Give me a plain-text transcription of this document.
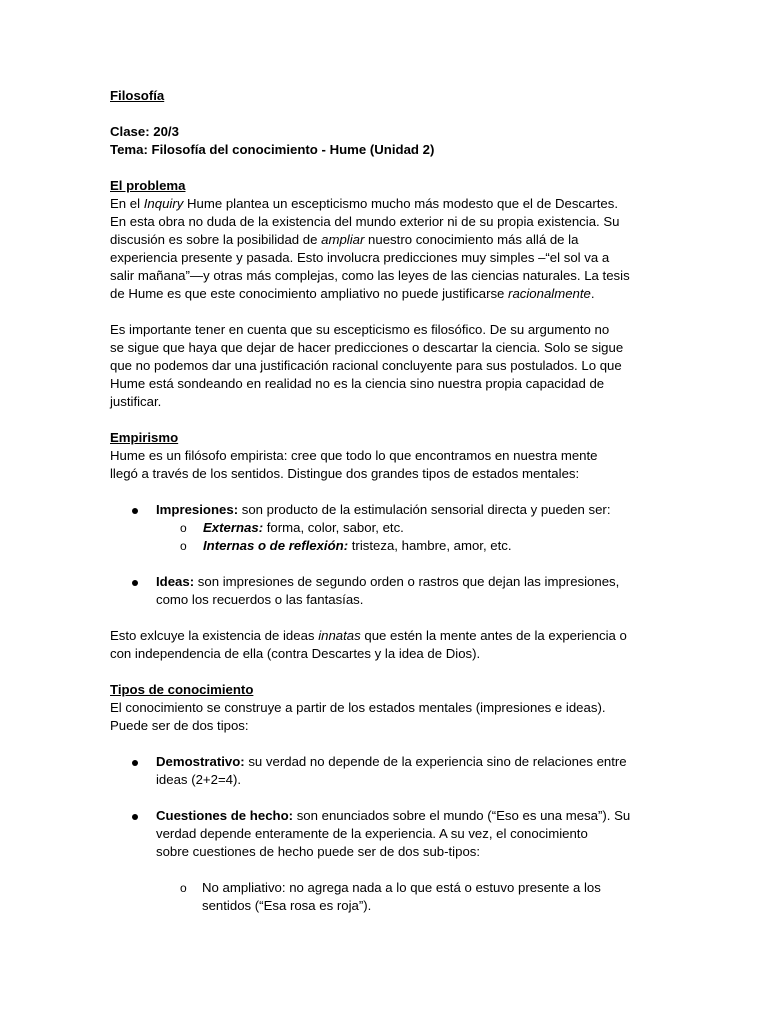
Filosofía

Clase: 20/3

Tema: Filosofía del conocimiento - Hume (Unidad 2)

El problema

En el Inquiry Hume plantea un escepticismo mucho más modesto que el de Descartes.

En esta obra no duda de la existencia del mundo exterior ni de su propia existencia. Su

discusión es sobre la posibilidad de ampliar nuestro conocimiento más allá de la

experiencia presente y pasada. Esto involucra predicciones muy simples –“el sol va a

salir mañana”—y otras más complejas, como las leyes de las ciencias naturales. La tesis

de Hume es que este conocimiento ampliativo no puede justificarse racionalmente.

Es importante tener en cuenta que su escepticismo es filosófico. De su argumento no

se sigue que haya que dejar de hacer predicciones o descartar la ciencia. Solo se sigue

que no podemos dar una justificación racional concluyente para sus postulados. Lo que

Hume está sondeando en realidad no es la ciencia sino nuestra propia capacidad de

justificar.

Empirismo

Hume es un filósofo empirista: cree que todo lo que encontramos en nuestra mente

llegó a través de los sentidos. Distingue dos grandes tipos de estados mentales:

Impresiones: son producto de la estimulación sensorial directa y pueden ser:

o Externas: forma, color, sabor, etc.

o Internas o de reflexión: tristeza, hambre, amor, etc.

Ideas: son impresiones de segundo orden o rastros que dejan las impresiones,

como los recuerdos o las fantasías.

Esto exlcuye la existencia de ideas innatas que estén la mente antes de la experiencia o

con independencia de ella (contra Descartes y la idea de Dios).

Tipos de conocimiento

El conocimiento se construye a partir de los estados mentales (impresiones e ideas).

Puede ser de dos tipos:

Demostrativo: su verdad no depende de la experiencia sino de relaciones entre

ideas (2+2=4).

Cuestiones de hecho: son enunciados sobre el mundo (“Eso es una mesa”). Su

verdad depende enteramente de la experiencia. A su vez, el conocimiento

sobre cuestiones de hecho puede ser de dos sub-tipos:

o No ampliativo: no agrega nada a lo que está o estuvo presente a los

sentidos (“Esa rosa es roja”).
